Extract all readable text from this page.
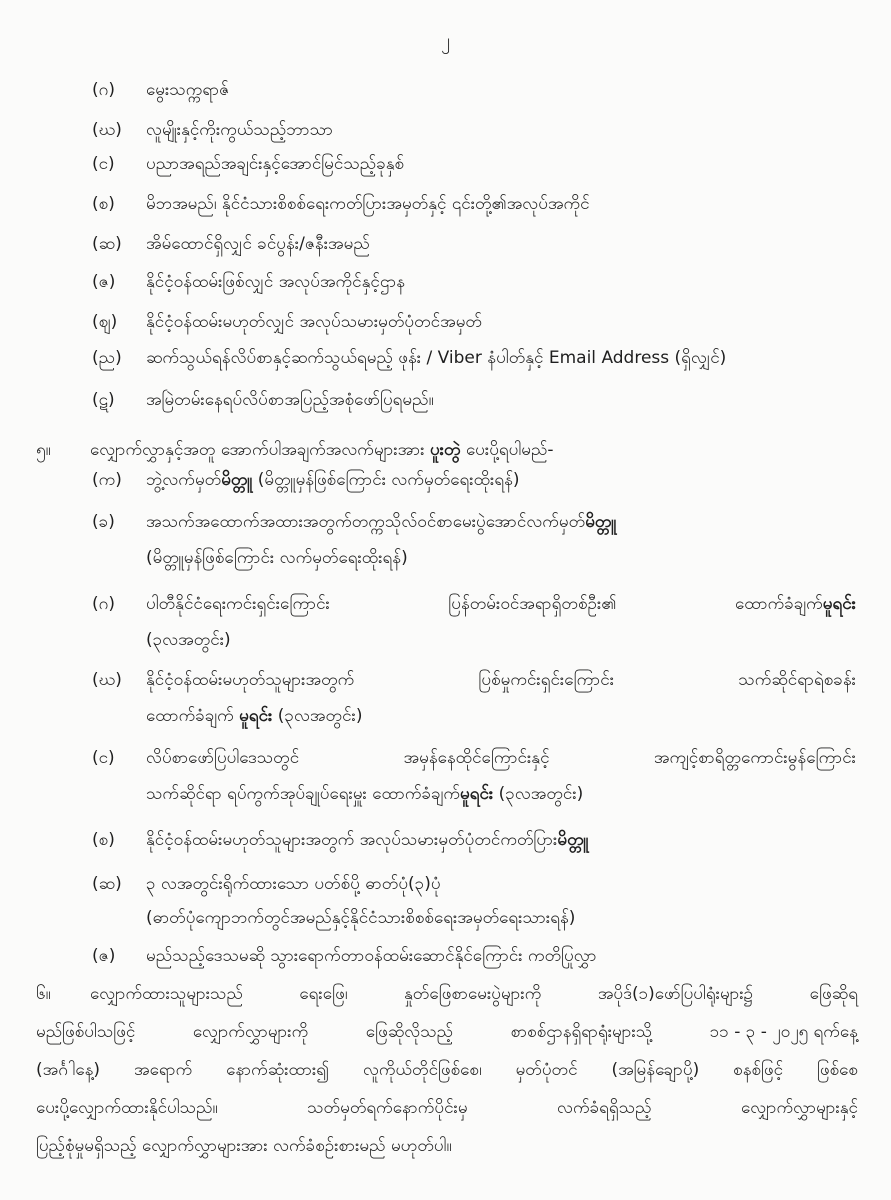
၂
(ဂ) မွေးသက္ကရာဇ်
(ဃ) လူမျိုးနှင့်ကိုးကွယ်သည့်ဘာသာ
(င) ပညာအရည်အချင်းနှင့်အောင်မြင်သည့်ခုနှစ်
(စ) မိဘအမည်၊ နိုင်ငံသားစိစစ်ရေးကတ်ပြားအမှတ်နှင့် ၎င်းတို့၏အလုပ်အကိုင်
(ဆ) အိမ်ထောင်ရှိလျှင် ခင်ပွန်း/ဇနီးအမည်
(ဇ) နိုင်ငံ့ဝန်ထမ်းဖြစ်လျှင် အလုပ်အကိုင်နှင့်ဌာန
(ဈ) နိုင်ငံ့ဝန်ထမ်းမဟုတ်လျှင် အလုပ်သမားမှတ်ပုံတင်အမှတ်
(ည) ဆက်သွယ်ရန်လိပ်စာနှင့်ဆက်သွယ်ရမည့် ဖုန်း / Viber နံပါတ်နှင့် Email Address (ရှိလျှင်)
(ဋ) အမြဲတမ်းနေရပ်လိပ်စာအပြည့်အစုံဖော်ပြရမည်။
၅။ လျှောက်လွှာနှင့်အတူ အောက်ပါအချက်အလက်များအား ပူးတွဲ ပေးပို့ရပါမည်-
(က) ဘွဲ့လက်မှတ်မိတ္တူ (မိတ္တူမှန်ဖြစ်ကြောင်း လက်မှတ်ရေးထိုးရန်)
(ခ) အသက်အထောက်အထားအတွက်တက္ကသိုလ်ဝင်စာမေးပွဲအောင်လက်မှတ်မိတ္တူ
(မိတ္တူမှန်ဖြစ်ကြောင်း လက်မှတ်ရေးထိုးရန်)
(ဂ) ပါတီနိုင်ငံရေးကင်းရှင်းကြောင်း	ပြန်တမ်းဝင်အရာရှိတစ်ဦး၏	ထောက်ခံချက်မူရင်း
(၃လအတွင်း)
(ဃ) နိုင်ငံ့ဝန်ထမ်းမဟုတ်သူများအတွက်	ပြစ်မှုကင်းရှင်းကြောင်း	သက်ဆိုင်ရာရဲစခန်း
ထောက်ခံချက် မူရင်း (၃လအတွင်း)
(င) လိပ်စာဖော်ပြပါဒေသတွင်	အမှန်နေထိုင်ကြောင်းနှင့်	အကျင့်စာရိတ္တကောင်းမွန်ကြောင်း
သက်ဆိုင်ရာ ရပ်ကွက်အုပ်ချုပ်ရေးမှူး ထောက်ခံချက်မူရင်း (၃လအတွင်း)
(စ) နိုင်ငံ့ဝန်ထမ်းမဟုတ်သူများအတွက် အလုပ်သမားမှတ်ပုံတင်ကတ်ပြားမိတ္တူ
(ဆ) ၃ လအတွင်းရိုက်ထားသော ပတ်စ်ပို့ ဓာတ်ပုံ(၃)ပုံ
(ဓာတ်ပုံကျောဘက်တွင်အမည်နှင့်နိုင်ငံသားစိစစ်ရေးအမှတ်ရေးသားရန်)
(ဇ) မည်သည့်ဒေသမဆို သွားရောက်တာဝန်ထမ်းဆောင်နိုင်ကြောင်း ကတိပြုလွှာ
၆။ လျှောက်ထားသူများသည်	ရေးဖြေ၊	နှုတ်ဖြေစာမေးပွဲများကို	အပိုဒ်(၁)ဖော်ပြပါရုံးများ၌	ဖြေဆိုရ
မည်ဖြစ်ပါသဖြင့်	လျှောက်လွှာများကို	ဖြေဆိုလိုသည့်	စာစစ်ဌာနရှိရာရုံးများသို့	၁၁ - ၃ - ၂၀၂၅ ရက်နေ့
(အင်္ဂါနေ့) အရောက် နောက်ဆုံးထား၍ လူကိုယ်တိုင်ဖြစ်စေ၊ မှတ်ပုံတင် (အမြန်ချောပို့) စနစ်ဖြင့် ဖြစ်စေ
ပေးပို့လျှောက်ထားနိုင်ပါသည်။	သတ်မှတ်ရက်နောက်ပိုင်းမှ	လက်ခံရရှိသည့်	လျှောက်လွှာများနှင့်
ပြည့်စုံမှုမရှိသည့် လျှောက်လွှာများအား လက်ခံစဉ်းစားမည် မဟုတ်ပါ။
